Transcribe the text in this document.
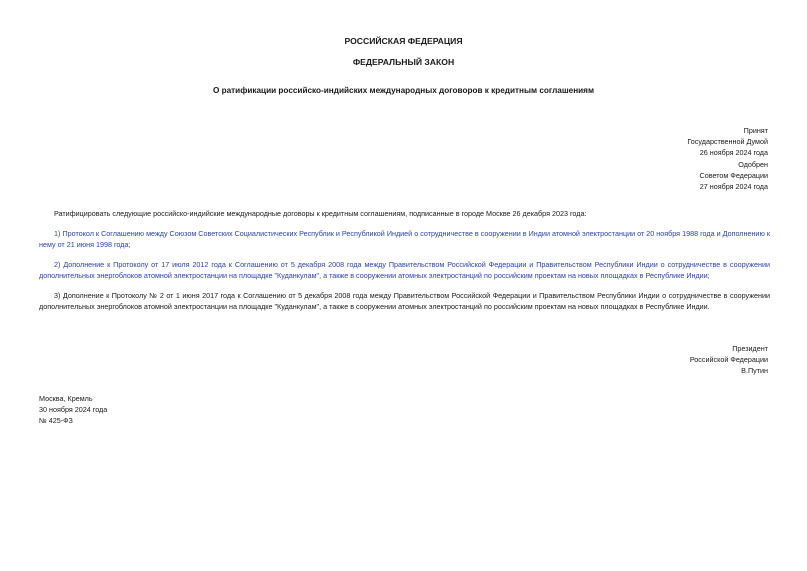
РОССИЙСКАЯ ФЕДЕРАЦИЯ
ФЕДЕРАЛЬНЫЙ ЗАКОН
О ратификации российско-индийских международных договоров к кредитным соглашениям
Принят
Государственной Думой
26 ноября 2024 года
Одобрен
Советом Федерации
27 ноября 2024 года
Ратифицировать следующие российско-индийские международные договоры к кредитным соглашениям, подписанные в городе Москве 26 декабря 2023 года:
1) Протокол к Соглашению между Союзом Советских Социалистических Республик и Республикой Индией о сотрудничестве в сооружении в Индии атомной электростанции от 20 ноября 1988 года и Дополнению к нему от 21 июня 1998 года;
2) Дополнение к Протоколу от 17 июля 2012 года к Соглашению от 5 декабря 2008 года между Правительством Российской Федерации и Правительством Республики Индии о сотрудничестве в сооружении дополнительных энергоблоков атомной электростанции на площадке "Куданкулам", а также в сооружении атомных электростанций по российским проектам на новых площадках в Республике Индии;
3) Дополнение к Протоколу № 2 от 1 июня 2017 года к Соглашению от 5 декабря 2008 года между Правительством Российской Федерации и Правительством Республики Индии о сотрудничестве в сооружении дополнительных энергоблоков атомной электростанции на площадке "Куданкулам", а также в сооружении атомных электростанций по российским проектам на новых площадках в Республике Индии.
Президент
Российской Федерации
В.Путин
Москва, Кремль
30 ноября 2024 года
№ 425-ФЗ
